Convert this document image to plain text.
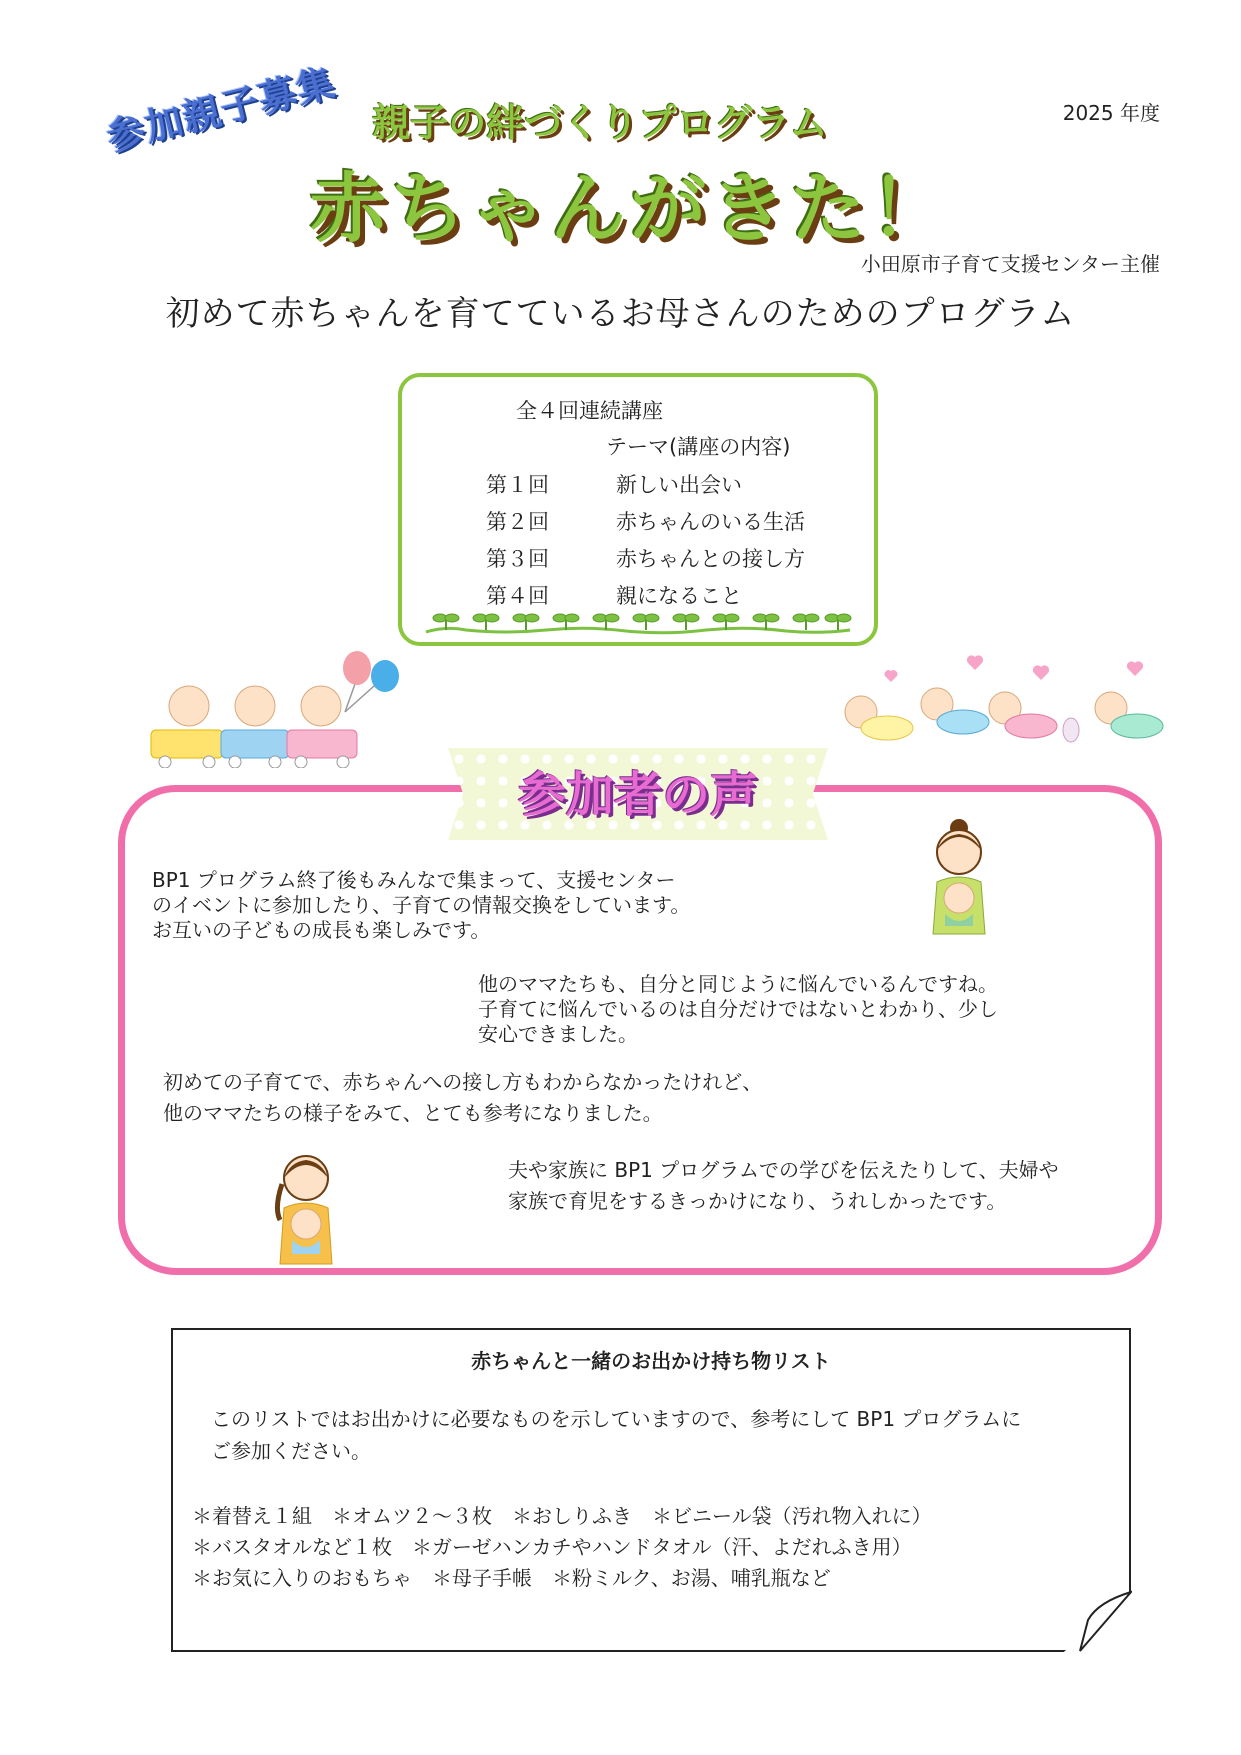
2025 年度
参加親子募集 親子の絆づくりプログラム
赤ちゃんがきた！
小田原市子育て支援センター主催
初めて赤ちゃんを育てているお母さんのためのプログラム
全４回連続講座
テーマ(講座の内容)
第１回	新しい出会い
第２回	赤ちゃんのいる生活
第３回	赤ちゃんとの接し方
第４回	親になること
参加者の声
BP1 プログラム終了後もみんなで集まって、支援センター
のイベントに参加したり、子育ての情報交換をしています。
お互いの子どもの成長も楽しみです。
他のママたちも、自分と同じように悩んでいるんですね。
子育てに悩んでいるのは自分だけではないとわかり、少し
安心できました。
初めての子育てで、赤ちゃんへの接し方もわからなかったけれど、
他のママたちの様子をみて、とても参考になりました。
夫や家族に BP1 プログラムでの学びを伝えたりして、夫婦や
家族で育児をするきっかけになり、うれしかったです。
赤ちゃんと一緒のお出かけ持ち物リスト
このリストではお出かけに必要なものを示していますので、参考にして BP1 プログラムに
ご参加ください。
＊着替え１組　＊オムツ２～３枚　＊おしりふき　＊ビニール袋（汚れ物入れに）
＊バスタオルなど１枚　＊ガーゼハンカチやハンドタオル（汗、よだれふき用）
＊お気に入りのおもちゃ　＊母子手帳　＊粉ミルク、お湯、哺乳瓶など
